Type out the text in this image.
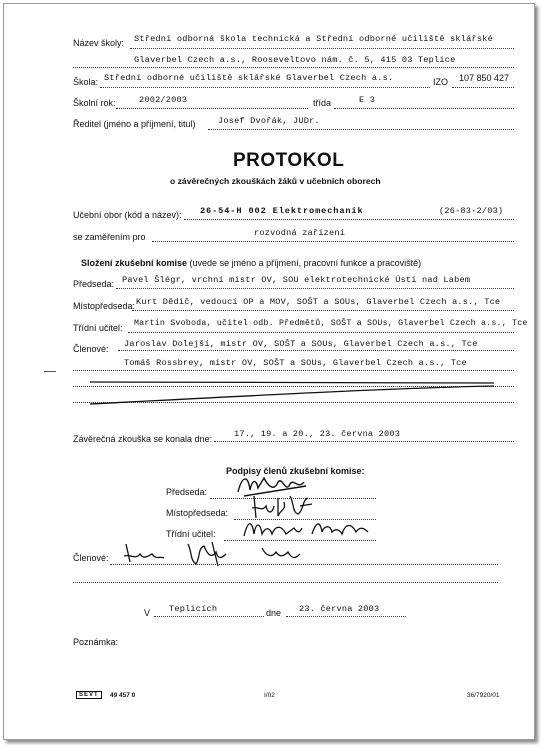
Název školy: Střední odborná škola technická a Střední odborné učiliště sklářské
Glaverbel Czech a.s., Rooseveltovo nám. č. 5, 415 03 Teplice
Škola: Střední odborné učiliště sklářské Glaverbel Czech a.s.	IZO 107 850 427
Školní rok:	2002/2003	třída	E 3
Ředitel (jméno a příjmení, titul)	Josef Dvořák, JUDr.
PROTOKOL
o závěrečných zkouškách žáků v učebních oborech
Učební obor (kód a název): 26-54-H 002 Elektromechanik	(26-83-2/03)
se zaměřením pro	rozvodná zařízení
Složení zkušební komise (uvede se jméno a příjmení, pracovní funkce a pracoviště)
Předseda: Pavel Šlégr, vrchní mistr OV, SOU elektrotechnické Ústí nad Labem
Místopředseda: Kurt Dědič, vedoucí OP a MOV, SOŠT a SOUs, Glaverbel Czech a.s., Tce
Třídní učitel: Martin Svoboda, učitel odb. Předmětů, SOŠT a SOUs, Glaverbel Czech a.s., Tce
Členové: Jaroslav Dolejší, mistr OV, SOŠT a SOUs, Glaverbel Czech a.s., Tce
Tomáš Rossbrey, mistr OV, SOŠT a SOUs, Glaverbel Czech a.s., Tce
Závěrečná zkouška se konala dne:	17., 19. a 20., 23. června 2003
Podpisy členů zkušební komise:
Předseda:
Místopředseda:
Třídní učitel:
Členové:
V Teplicích	dne 23. června 2003
Poznámka:
SEVT	49 457 0	I/02	36/7920/01
